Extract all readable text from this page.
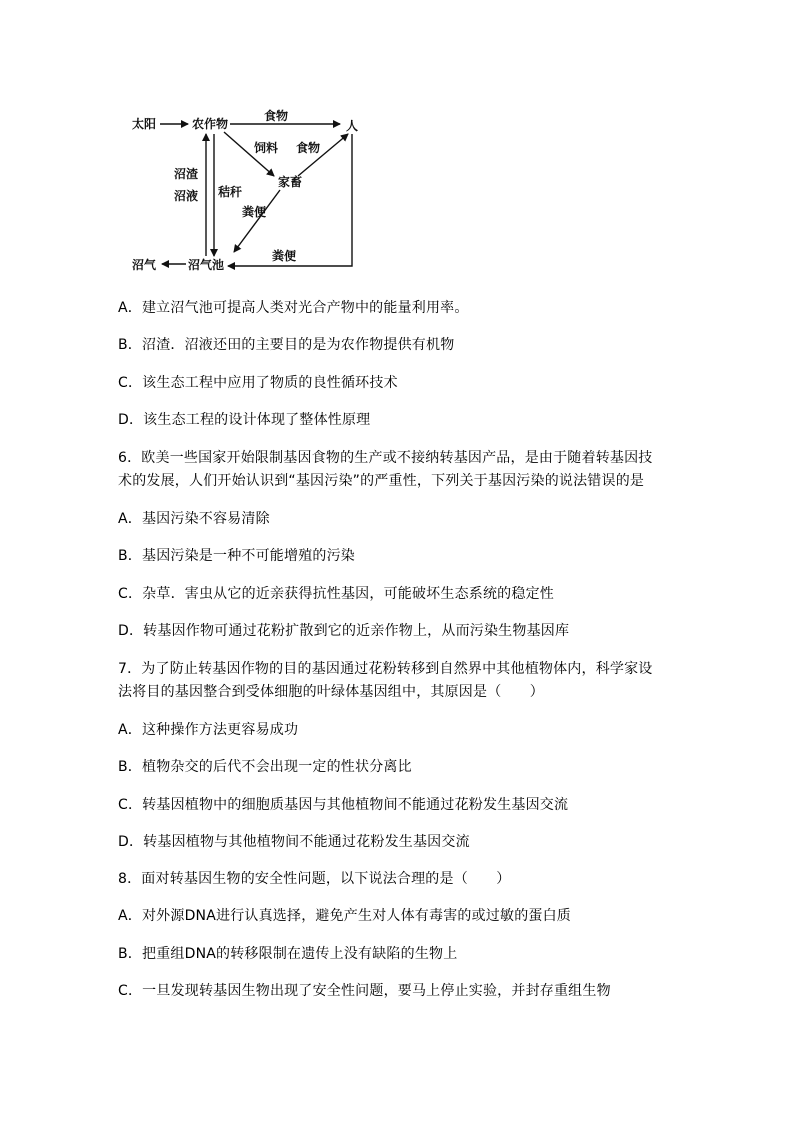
太阳	农作物	人
家畜
沼气池
沼气
食物
饲料 食物
沼渣
沼液 秸秆
粪便
粪便
A．建立沼气池可提高人类对光合产物中的能量利用率。
B．沼渣．沼液还田的主要目的是为农作物提供有机物
C．该生态工程中应用了物质的良性循环技术
D．该生态工程的设计体现了整体性原理
6．欧美一些国家开始限制基因食物的生产或不接纳转基因产品，是由于随着转基因技
术的发展，人们开始认识到“基因污染”的严重性，下列关于基因污染的说法错误的是
A．基因污染不容易清除
B．基因污染是一种不可能增殖的污染
C．杂草．害虫从它的近亲获得抗性基因，可能破坏生态系统的稳定性
D．转基因作物可通过花粉扩散到它的近亲作物上，从而污染生物基因库
7．为了防止转基因作物的目的基因通过花粉转移到自然界中其他植物体内，科学家设
法将目的基因整合到受体细胞的叶绿体基因组中，其原因是（　　）
A．这种操作方法更容易成功
B．植物杂交的后代不会出现一定的性状分离比
C．转基因植物中的细胞质基因与其他植物间不能通过花粉发生基因交流
D．转基因植物与其他植物间不能通过花粉发生基因交流
8．面对转基因生物的安全性问题，以下说法合理的是（　　）
A．对外源DNA进行认真选择，避免产生对人体有毒害的或过敏的蛋白质
B．把重组DNA的转移限制在遗传上没有缺陷的生物上
C．一旦发现转基因生物出现了安全性问题，要马上停止实验，并封存重组生物
